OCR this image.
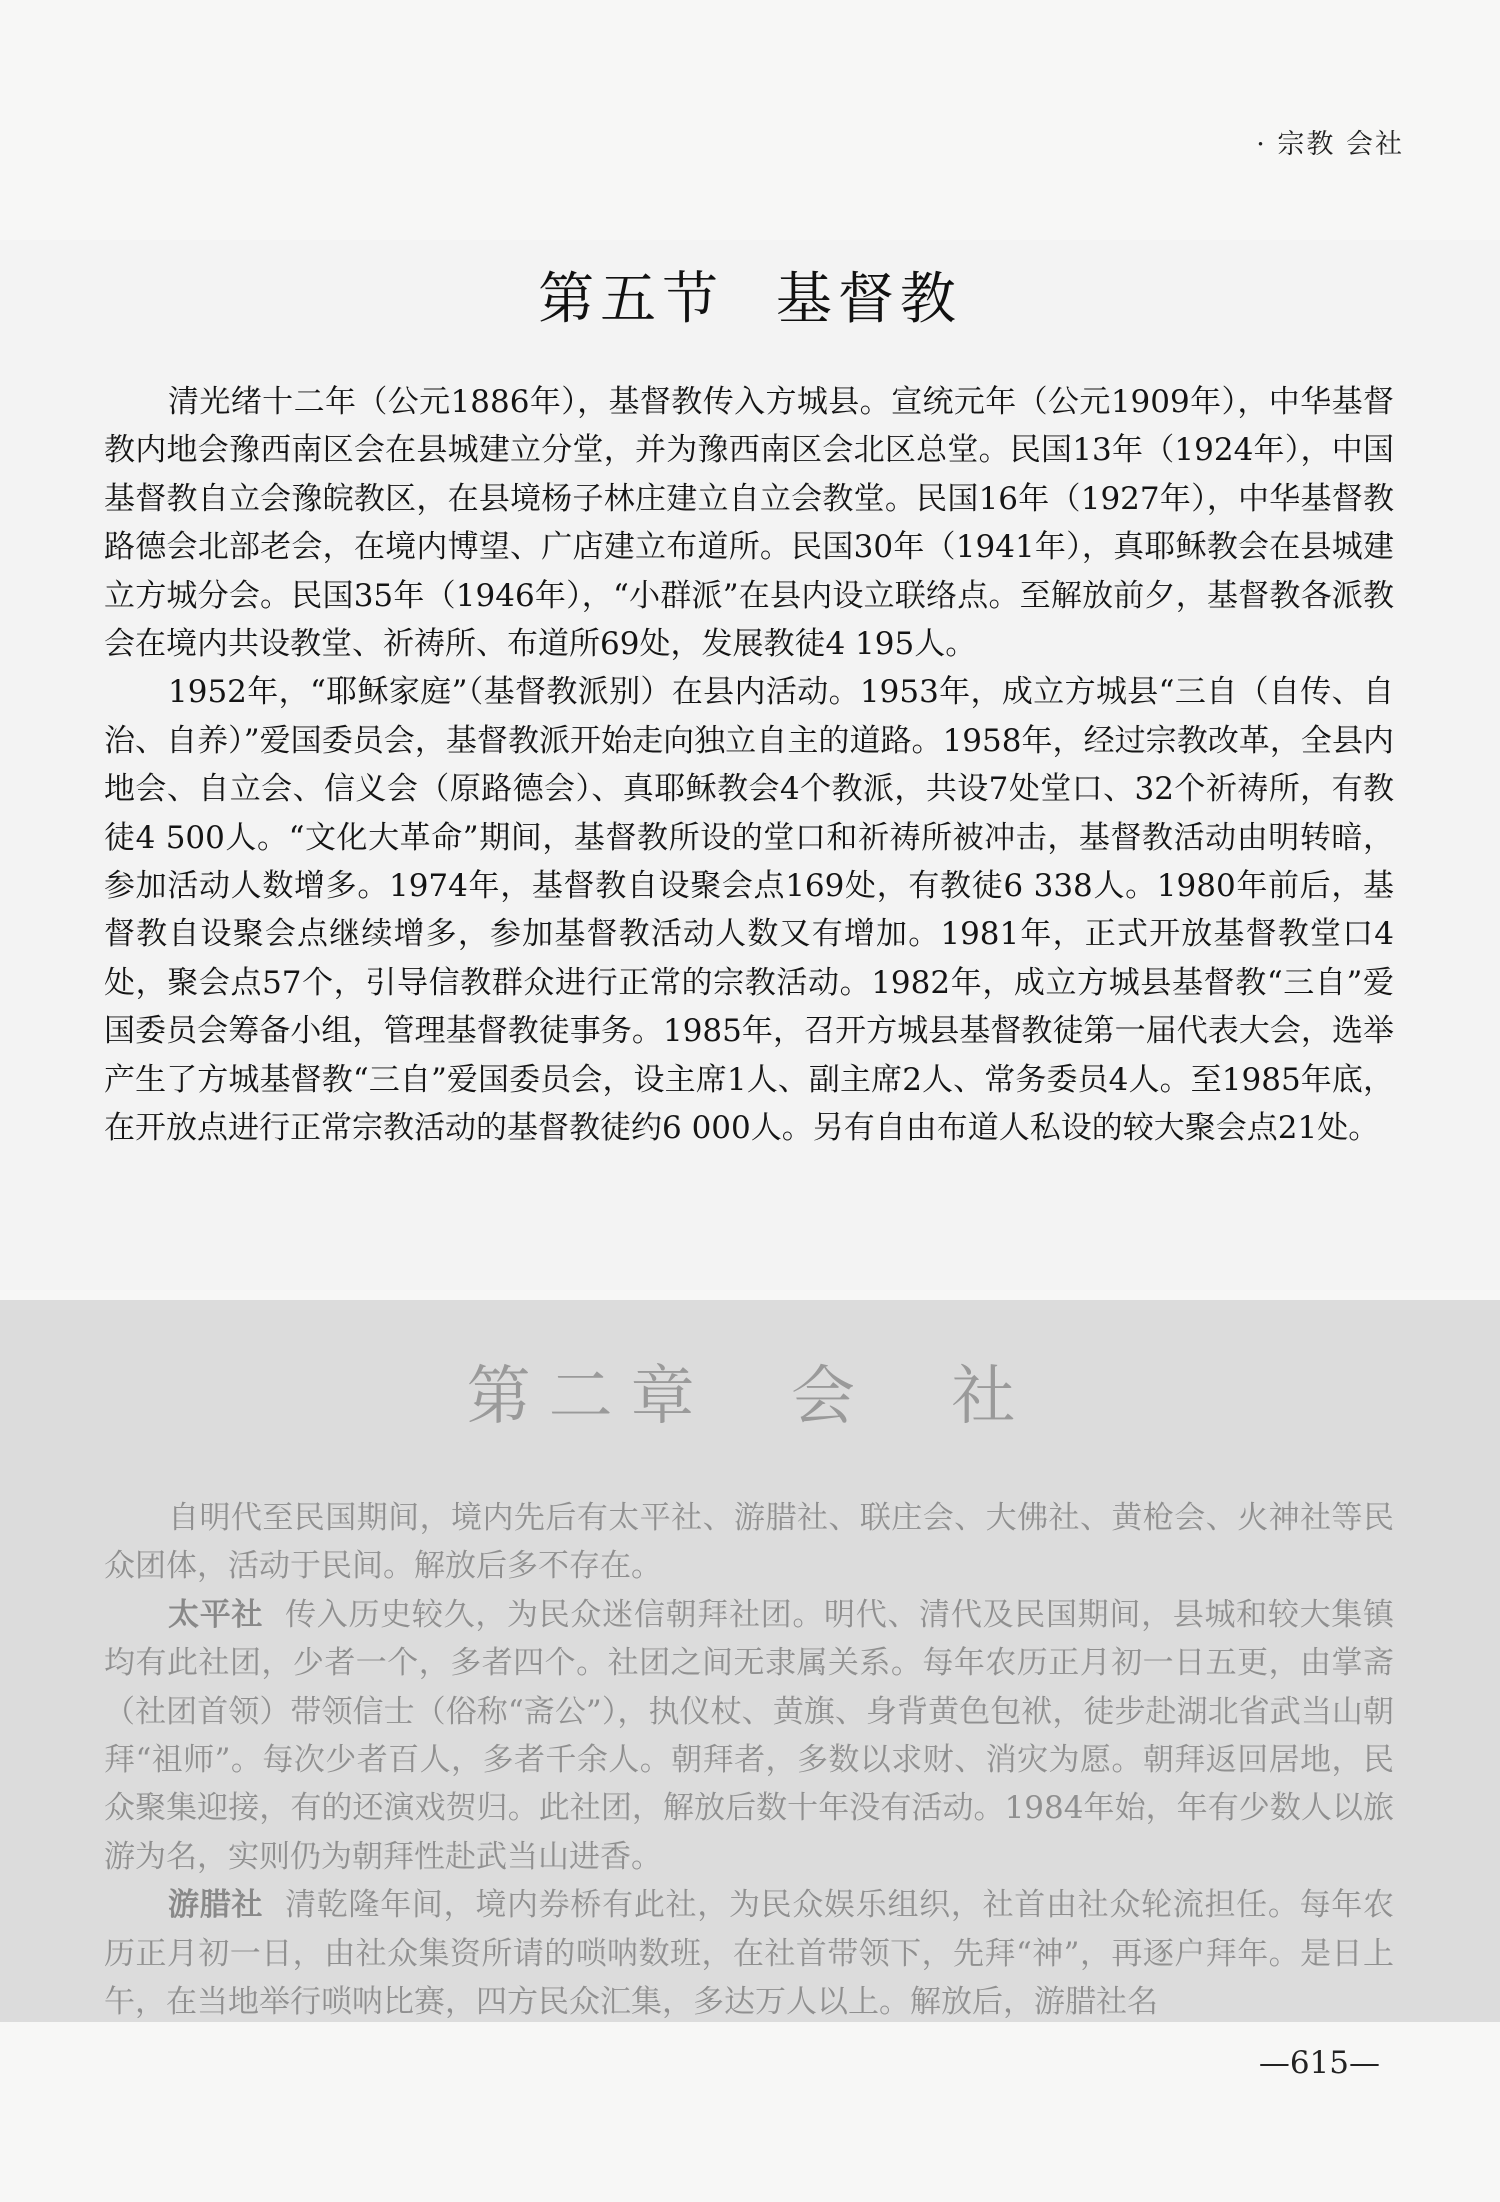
· 宗教 会社
第五节 基督教

清光绪十二年（公元1886年），基督教传入方城县。宣统元年（公元1909年），中华基督教内地会豫西南区会在县城建立分堂，并为豫西南区会北区总堂。民国13年（1924年），中国基督教自立会豫皖教区，在县境杨子林庄建立自立会教堂。民国16年（1927年），中华基督教路德会北部老会，在境内博望、广店建立布道所。民国30年（1941年），真耶稣教会在县城建立方城分会。民国35年（1946年），“小群派”在县内设立联络点。至解放前夕，基督教各派教会在境内共设教堂、祈祷所、布道所69处，发展教徒4 195人。

1952年，“耶稣家庭”（基督教派别）在县内活动。1953年，成立方城县“三自（自传、自治、自养）”爱国委员会，基督教派开始走向独立自主的道路。1958年，经过宗教改革，全县内地会、自立会、信义会（原路德会）、真耶稣教会4个教派，共设7处堂口、32个祈祷所，有教徒4 500人。“文化大革命”期间，基督教所设的堂口和祈祷所被冲击，基督教活动由明转暗，参加活动人数增多。1974年，基督教自设聚会点169处，有教徒6 338人。1980年前后，基督教自设聚会点继续增多，参加基督教活动人数又有增加。1981年，正式开放基督教堂口4处，聚会点57个，引导信教群众进行正常的宗教活动。1982年，成立方城县基督教“三自”爱国委员会筹备小组，管理基督教徒事务。1985年，召开方城县基督教徒第一届代表大会，选举产生了方城基督教“三自”爱国委员会，设主席1人、副主席2人、常务委员4人。至1985年底，在开放点进行正常宗教活动的基督教徒约6 000人。另有自由布道人私设的较大聚会点21处。

第二章 会 社

自明代至民国期间，境内先后有太平社、游腊社、联庄会、大佛社、黄枪会、火神社等民众团体，活动于民间。解放后多不存在。

太平社 传入历史较久，为民众迷信朝拜社团。明代、清代及民国期间，县城和较大集镇均有此社团，少者一个，多者四个。社团之间无隶属关系。每年农历正月初一日五更，由掌斋（社团首领）带领信士（俗称“斋公”），执仪杖、黄旗、身背黄色包袱，徒步赴湖北省武当山朝拜“祖师”。每次少者百人，多者千余人。朝拜者，多数以求财、消灾为愿。朝拜返回居地，民众聚集迎接，有的还演戏贺归。此社团，解放后数十年没有活动。1984年始，年有少数人以旅游为名，实则仍为朝拜性赴武当山进香。

游腊社 清乾隆年间，境内券桥有此社，为民众娱乐组织，社首由社众轮流担任。每年农历正月初一日，由社众集资所请的唢呐数班，在社首带领下，先拜“神”，再逐户拜年。是日上午，在当地举行唢呐比赛，四方民众汇集，多达万人以上。解放后，游腊社名

—615—
